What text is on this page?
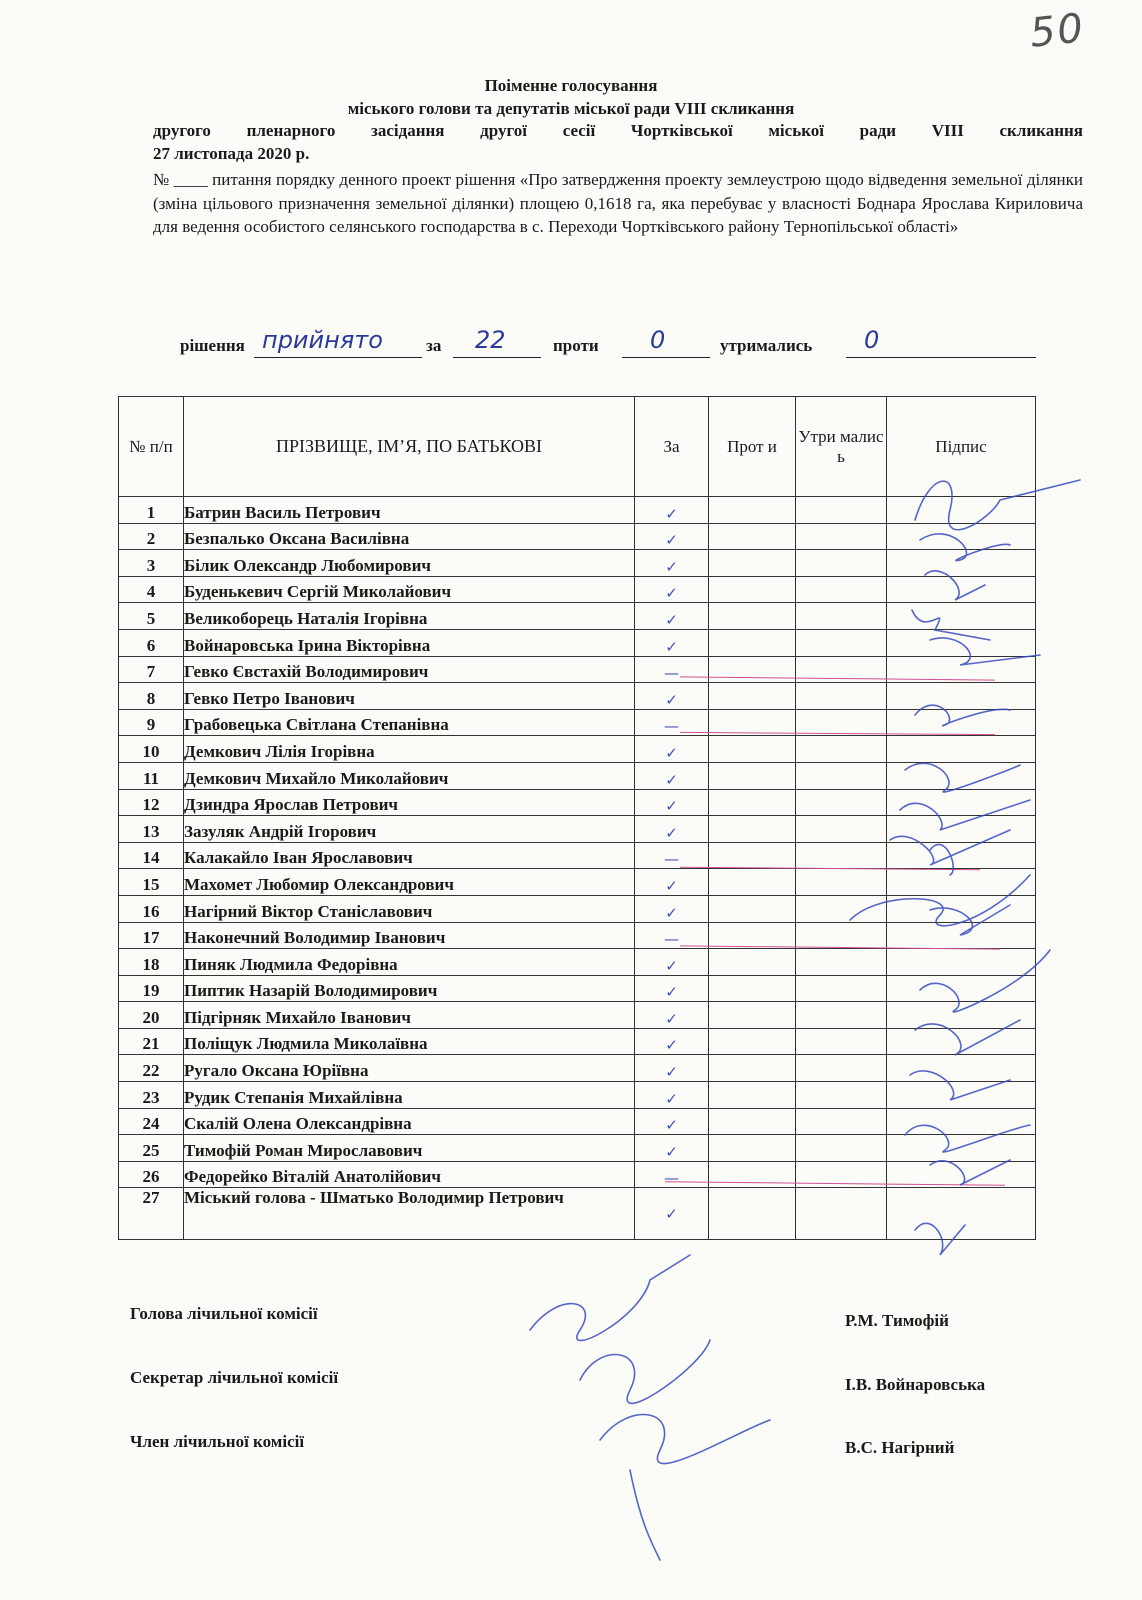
50
Поіменне голосування
міського голови та депутатів міської ради VIII скликання
другого пленарного засідання другої сесії Чортківської міської ради VIII скликання
27 листопада 2020 р.
№ ____ питання порядку денного проект рішення «Про затвердження проекту землеустрою щодо відведення земельної ділянки (зміна цільового призначення земельної ділянки) площею 0,1618 га, яка перебуває у власності Боднара Ярослава Кириловича для ведення особистого селянського господарства в с. Переходи Чортківського району Тернопільської області»
рішення прийнято	за 22	проти 0	утримались 0
№ п/п	ПРІЗВИЩЕ, ІМ’Я, ПО БАТЬКОВІ	За	Прот и	Утри малис ь	Підпис
1	Батрин Василь Петрович	✓			
2	Безпалько Оксана Василівна	✓			
3	Білик Олександр Любомирович	✓			
4	Буденькевич Сергій Миколайович	✓			
5	Великоборець Наталія Ігорівна	✓			
6	Войнаровська Ірина Вікторівна	✓			
7	Гевко Євстахій Володимирович	—			
8	Гевко Петро Іванович	✓			
9	Грабовецька Світлана Степанівна	—			
10	Демкович Лілія Ігорівна	✓			
11	Демкович Михайло Миколайович	✓			
12	Дзиндра Ярослав Петрович	✓			
13	Зазуляк Андрій Ігорович	✓			
14	Калакайло Іван Ярославович	—			
15	Махомет Любомир Олександрович	✓			
16	Нагірний Віктор Станіславович	✓			
17	Наконечний Володимир Іванович	—			
18	Пиняк Людмила Федорівна	✓			
19	Пиптик Назарій Володимирович	✓			
20	Підгірняк Михайло Іванович	✓			
21	Поліщук Людмила Миколаївна	✓			
22	Ругало Оксана Юріївна	✓			
23	Рудик Степанія Михайлівна	✓			
24	Скалій Олена Олександрівна	✓			
25	Тимофій Роман Мирославович	✓			
26	Федорейко Віталій Анатолійович	—			
27	Міський голова - Шматько Володимир Петрович	✓			
Голова лічильної комісії	Р.М. Тимофій
Секретар лічильної комісії	І.В. Войнаровська
Член лічильної комісії	В.С. Нагірний
